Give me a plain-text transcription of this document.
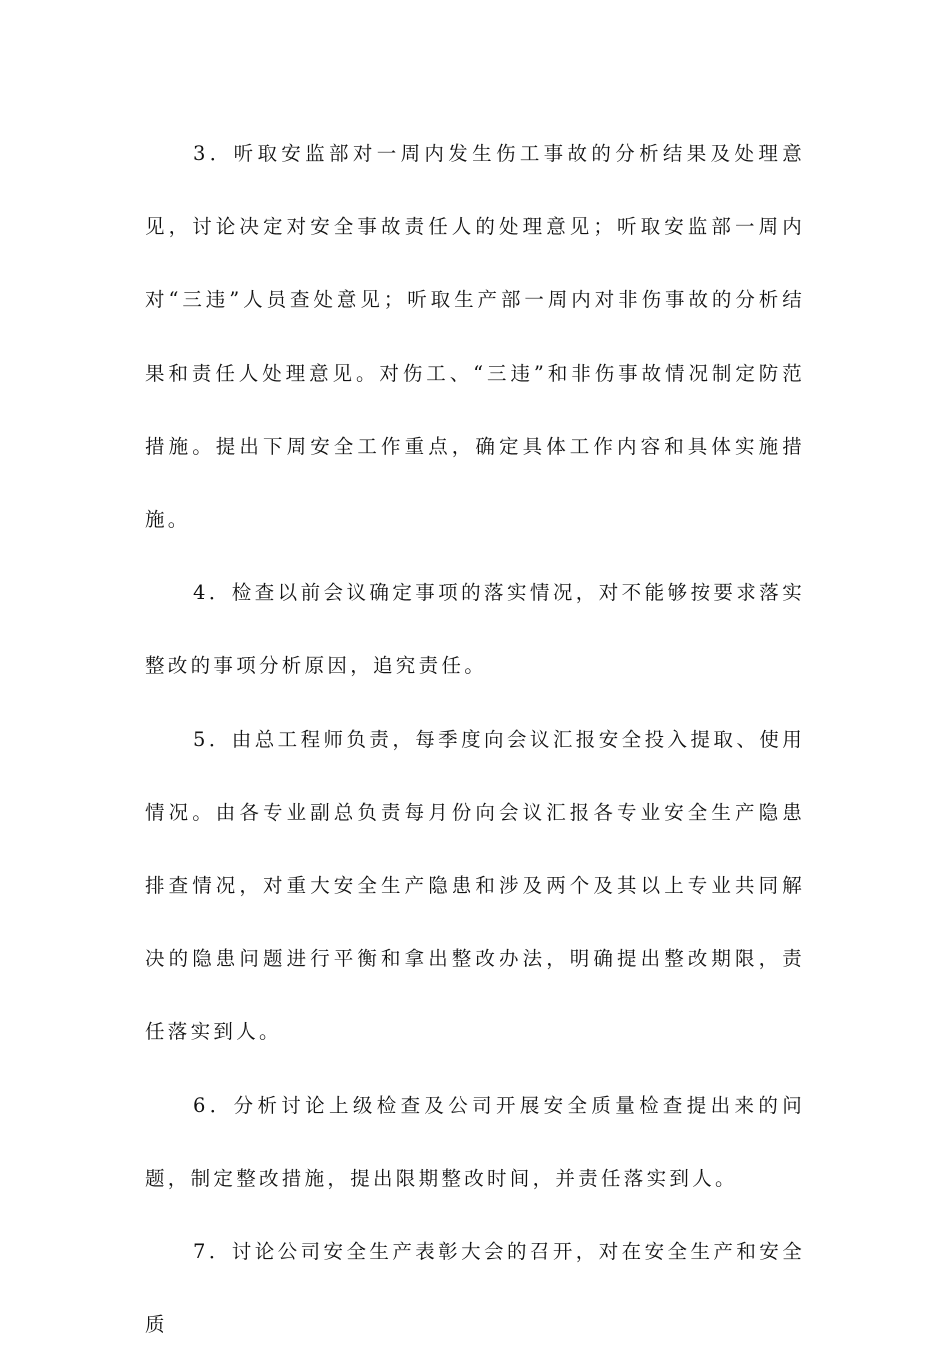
3．听取安监部对一周内发生伤工事故的分析结果及处理意见，讨论决定对安全事故责任人的处理意见；听取安监部一周内对“三违”人员查处意见；听取生产部一周内对非伤事故的分析结果和责任人处理意见。对伤工、“三违”和非伤事故情况制定防范措施。提出下周安全工作重点，确定具体工作内容和具体实施措施。

4．检查以前会议确定事项的落实情况，对不能够按要求落实整改的事项分析原因，追究责任。

5．由总工程师负责，每季度向会议汇报安全投入提取、使用情况。由各专业副总负责每月份向会议汇报各专业安全生产隐患排查情况，对重大安全生产隐患和涉及两个及其以上专业共同解决的隐患问题进行平衡和拿出整改办法，明确提出整改期限，责任落实到人。

6．分析讨论上级检查及公司开展安全质量检查提出来的问题，制定整改措施，提出限期整改时间，并责任落实到人。

7．讨论公司安全生产表彰大会的召开，对在安全生产和安全质
